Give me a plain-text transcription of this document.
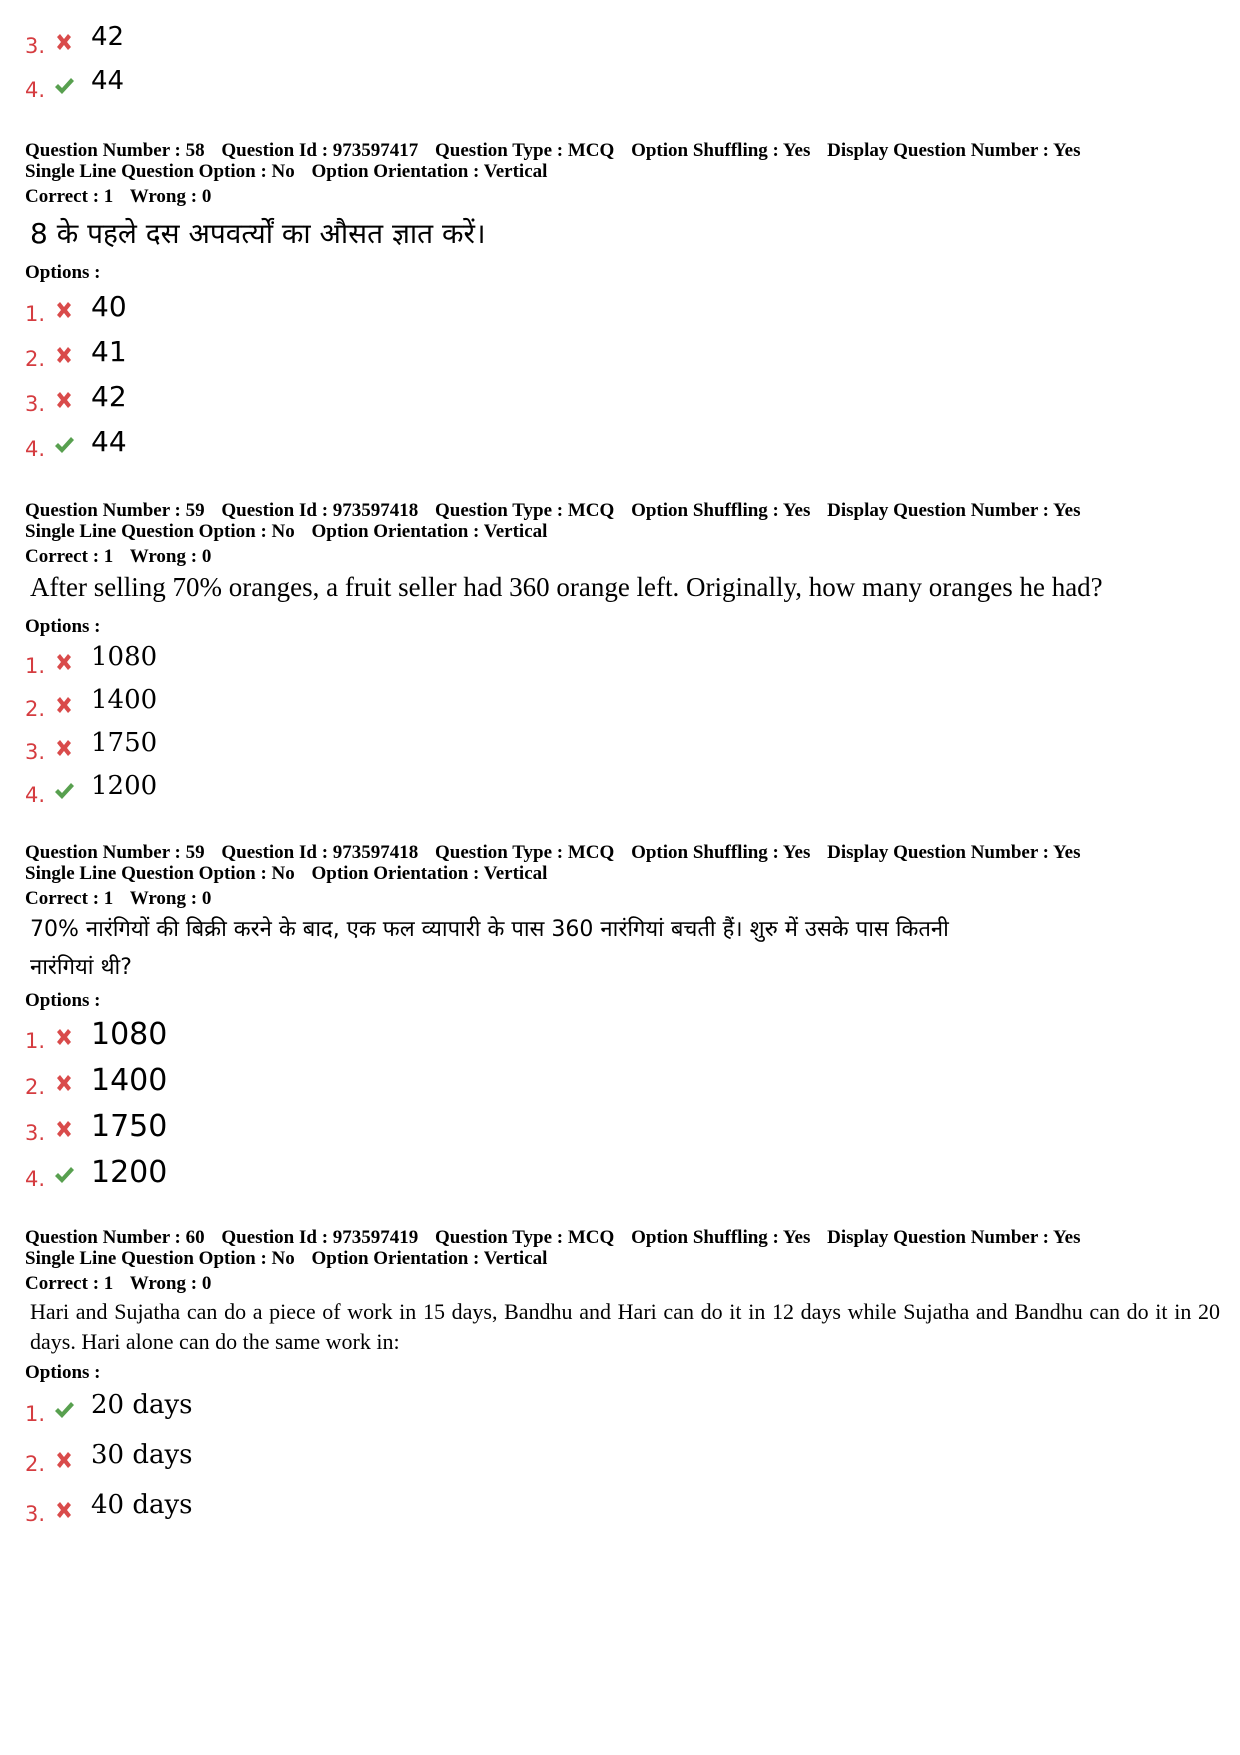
3. 42
4. 44
Question Number : 58 Question Id : 973597417 Question Type : MCQ Option Shuffling : Yes Display Question Number : Yes
Single Line Question Option : No Option Orientation : Vertical
Correct : 1 Wrong : 0
8 के पहले दस अपवर्त्यों का औसत ज्ञात करें।
Options :
1. 40
2. 41
3. 42
4. 44
Question Number : 59 Question Id : 973597418 Question Type : MCQ Option Shuffling : Yes Display Question Number : Yes
Single Line Question Option : No Option Orientation : Vertical
Correct : 1 Wrong : 0
After selling 70% oranges, a fruit seller had 360 orange left. Originally, how many oranges he had?
Options :
1. 1080
2. 1400
3. 1750
4. 1200
Question Number : 59 Question Id : 973597418 Question Type : MCQ Option Shuffling : Yes Display Question Number : Yes
Single Line Question Option : No Option Orientation : Vertical
Correct : 1 Wrong : 0
70% नारंगियों की बिक्री करने के बाद, एक फल व्यापारी के पास 360 नारंगियां बचती हैं। शुरु में उसके पास कितनी
नारंगियां थी?
Options :
1. 1080
2. 1400
3. 1750
4. 1200
Question Number : 60 Question Id : 973597419 Question Type : MCQ Option Shuffling : Yes Display Question Number : Yes
Single Line Question Option : No Option Orientation : Vertical
Correct : 1 Wrong : 0
Hari and Sujatha can do a piece of work in 15 days, Bandhu and Hari can do it in 12 days while Sujatha and Bandhu can do it in 20 days. Hari alone can do the same work in:
Options :
1. 20 days
2. 30 days
3. 40 days
